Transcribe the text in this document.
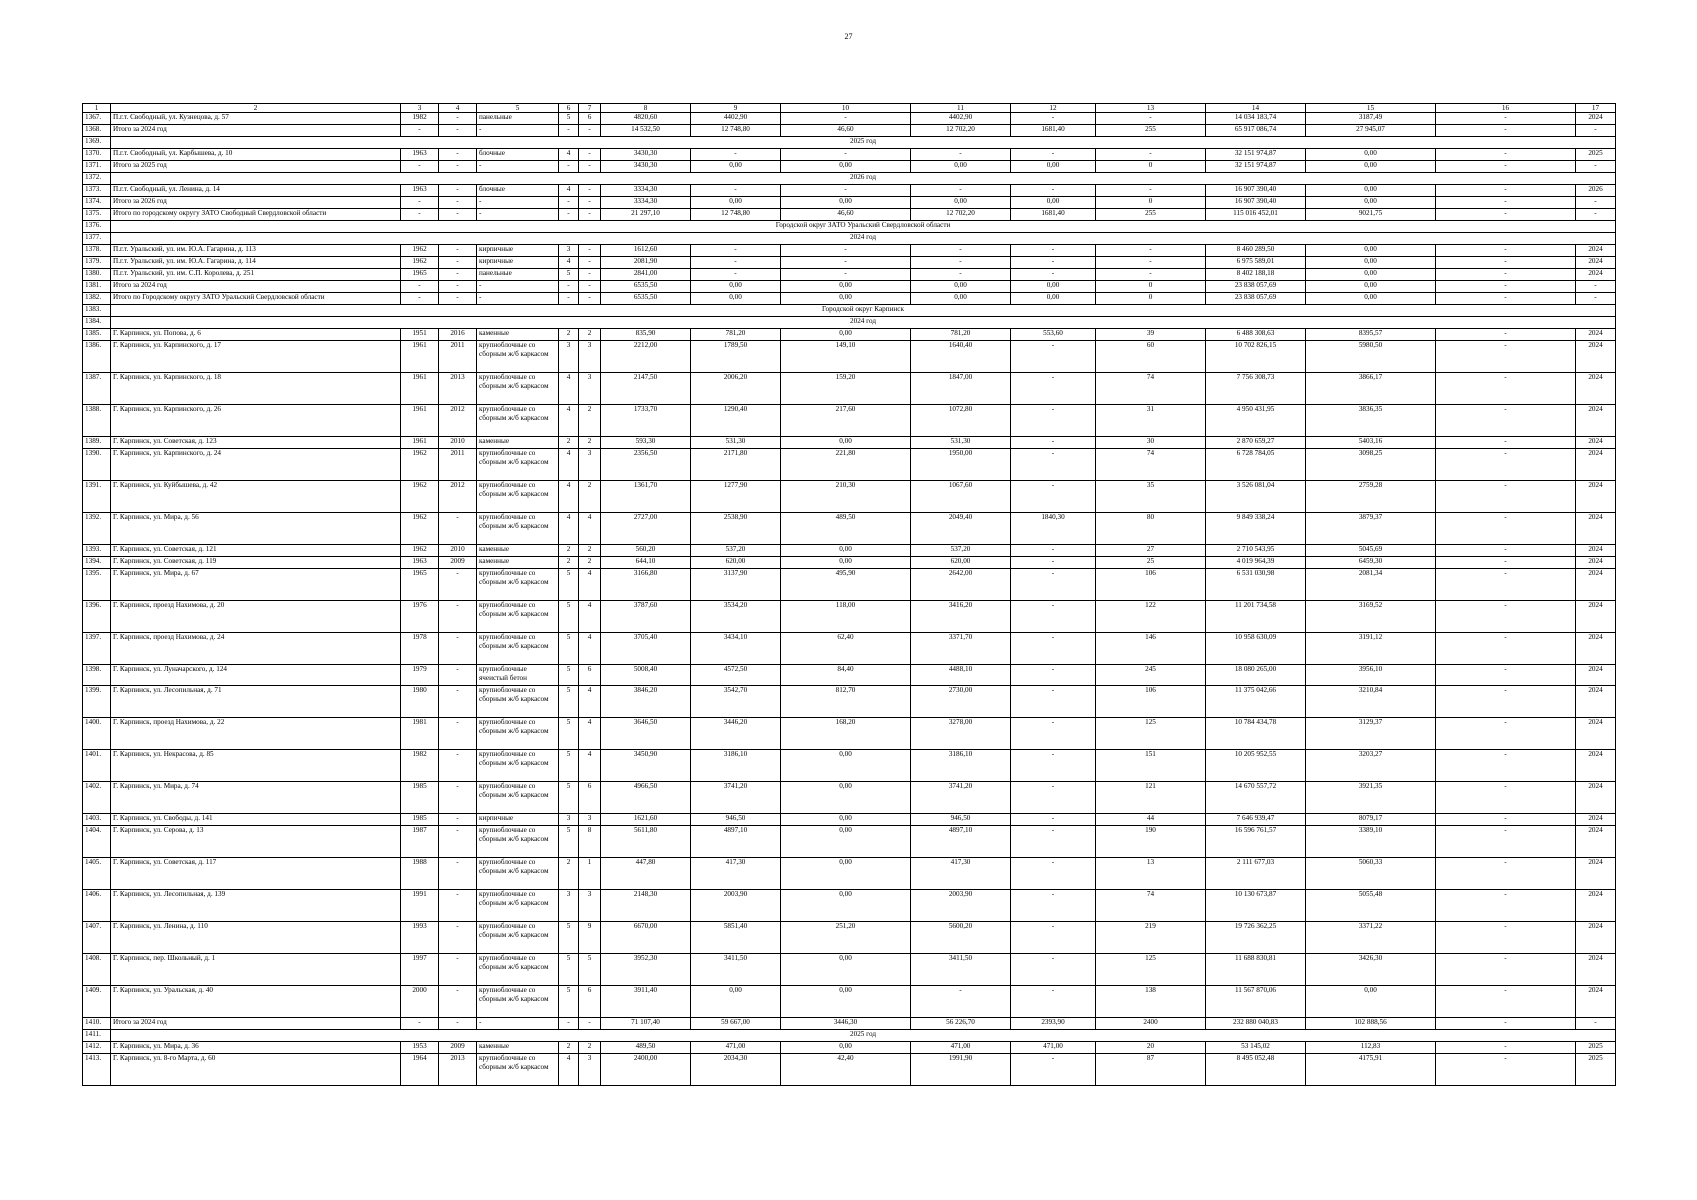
27
1	2	3	4	5	6	7	8	9	10	11	12	13	14	15	16	17
1367.	П.г.т. Свободный, ул. Кузнецова, д. 57	1982	-	панельные	5	6	4820,60	4402,90	-	4402,90	-	-	14 034 183,74	3187,49	-	2024
1368.	Итого за 2024 год	-	-	-	-	-	14 532,50	12 748,80	46,60	12 702,20	1681,40	255	65 917 086,74	27 945,07	-	-
1369.	2025 год															
1370.	П.г.т. Свободный, ул. Карбышева, д. 10	1963	-	блочные	4	-	3430,30	-	-	-	-	-	32 151 974,87	0,00	-	2025
1371.	Итого за 2025 год	-	-	-	-	-	3430,30	0,00	0,00	0,00	0,00	0	32 151 974,87	0,00	-	-
1372.	2026 год															
1373.	П.г.т. Свободный, ул. Ленина, д. 14	1963	-	блочные	4	-	3334,30	-	-	-	-	-	16 907 390,40	0,00	-	2026
1374.	Итого за 2026 год	-	-	-	-	-	3334,30	0,00	0,00	0,00	0,00	0	16 907 390,40	0,00	-	-
1375.	Итого по городскому округу ЗАТО Свободный Свердловской области	-	-	-	-	-	21 297,10	12 748,80	46,60	12 702,20	1681,40	255	115 016 452,01	9021,75	-	-
1376.	Городской округ ЗАТО Уральский Свердловской области															
1377.	2024 год															
1378.	П.г.т. Уральский, ул. им. Ю.А. Гагарина, д. 113	1962	-	кирпичные	3	-	1612,60	-	-	-	-	-	8 460 289,50	0,00	-	2024
1379.	П.г.т. Уральский, ул. им. Ю.А. Гагарина, д. 114	1962	-	кирпичные	4	-	2081,90	-	-	-	-	-	6 975 589,01	0,00	-	2024
1380.	П.г.т. Уральский, ул. им. С.П. Королева, д. 251	1965	-	панельные	5	-	2841,00	-	-	-	-	-	8 402 188,18	0,00	-	2024
1381.	Итого за 2024 год	-	-	-	-	-	6535,50	0,00	0,00	0,00	0,00	0	23 838 057,69	0,00	-	-
1382.	Итого по Городскому округу ЗАТО Уральский Свердловской области	-	-	-	-	-	6535,50	0,00	0,00	0,00	0,00	0	23 838 057,69	0,00	-	-
1383.	Городской округ Карпинск															
1384.	2024 год															
1385.	Г. Карпинск, ул. Попова, д. 6	1951	2016	каменные	2	2	835,90	781,20	0,00	781,20	553,60	39	6 488 308,63	8395,57	-	2024
1386.	Г. Карпинск, ул. Карпинского, д. 17	1961	2011	крупноблочные со сборным ж/б каркасом	3	3	2212,00	1789,50	149,10	1640,40	-	60	10 702 826,15	5980,50	-	2024
1387.	Г. Карпинск, ул. Карпинского, д. 18	1961	2013	крупноблочные со сборным ж/б каркасом	4	3	2147,50	2006,20	159,20	1847,00	-	74	7 756 308,73	3866,17	-	2024
1388.	Г. Карпинск, ул. Карпинского, д. 26	1961	2012	крупноблочные со сборным ж/б каркасом	4	2	1733,70	1290,40	217,60	1072,80	-	31	4 950 431,95	3836,35	-	2024
1389.	Г. Карпинск, ул. Советская, д. 123	1961	2010	каменные	2	2	593,30	531,30	0,00	531,30	-	30	2 870 659,27	5403,16	-	2024
1390.	Г. Карпинск, ул. Карпинского, д. 24	1962	2011	крупноблочные со сборным ж/б каркасом	4	3	2356,50	2171,80	221,80	1950,00	-	74	6 728 784,05	3098,25	-	2024
1391.	Г. Карпинск, ул. Куйбышева, д. 42	1962	2012	крупноблочные со сборным ж/б каркасом	4	2	1361,70	1277,90	210,30	1067,60	-	35	3 526 081,04	2759,28	-	2024
1392.	Г. Карпинск, ул. Мира, д. 56	1962	-	крупноблочные со сборным ж/б каркасом	4	4	2727,00	2538,90	489,50	2049,40	1840,30	80	9 849 338,24	3879,37	-	2024
1393.	Г. Карпинск, ул. Советская, д. 121	1962	2010	каменные	2	2	560,20	537,20	0,00	537,20	-	27	2 710 543,95	5045,69	-	2024
1394.	Г. Карпинск, ул. Советская, д. 119	1963	2009	каменные	2	2	644,10	620,00	0,00	620,00	-	25	4 019 964,39	6459,30	-	2024
1395.	Г. Карпинск, ул. Мира, д. 67	1965	-	крупноблочные со сборным ж/б каркасом	5	4	3166,80	3137,90	495,90	2642,00	-	106	6 531 030,98	2081,34	-	2024
1396.	Г. Карпинск, проезд Нахимова, д. 20	1976	-	крупноблочные со сборным ж/б каркасом	5	4	3787,60	3534,20	118,00	3416,20	-	122	11 201 734,58	3169,52	-	2024
1397.	Г. Карпинск, проезд Нахимова, д. 24	1978	-	крупноблочные со сборным ж/б каркасом	5	4	3705,40	3434,10	62,40	3371,70	-	146	10 958 630,09	3191,12	-	2024
1398.	Г. Карпинск, ул. Луначарского, д. 124	1979	-	крупноблочные ячеистый бетон	5	6	5008,40	4572,50	84,40	4488,10	-	245	18 080 265,00	3956,10	-	2024
1399.	Г. Карпинск, ул. Лесопильная, д. 71	1980	-	крупноблочные со сборным ж/б каркасом	5	4	3846,20	3542,70	812,70	2730,00	-	106	11 375 042,66	3210,84	-	2024
1400.	Г. Карпинск, проезд Нахимова, д. 22	1981	-	крупноблочные со сборным ж/б каркасом	5	4	3646,50	3446,20	168,20	3278,00	-	125	10 784 434,78	3129,37	-	2024
1401.	Г. Карпинск, ул. Некрасова, д. 85	1982	-	крупноблочные со сборным ж/б каркасом	5	4	3450,90	3186,10	0,00	3186,10	-	151	10 205 952,55	3203,27	-	2024
1402.	Г. Карпинск, ул. Мира, д. 74	1985	-	крупноблочные со сборным ж/б каркасом	5	6	4966,50	3741,20	0,00	3741,20	-	121	14 670 557,72	3921,35	-	2024
1403.	Г. Карпинск, ул. Свободы, д. 141	1985	-	кирпичные	3	3	1621,60	946,50	0,00	946,50	-	44	7 646 939,47	8079,17	-	2024
1404.	Г. Карпинск, ул. Серова, д. 13	1987	-	крупноблочные со сборным ж/б каркасом	5	8	5611,80	4897,10	0,00	4897,10	-	190	16 596 761,57	3389,10	-	2024
1405.	Г. Карпинск, ул. Советская, д. 117	1988	-	крупноблочные со сборным ж/б каркасом	2	1	447,80	417,30	0,00	417,30	-	13	2 111 677,03	5060,33	-	2024
1406.	Г. Карпинск, ул. Лесопильная, д. 139	1991	-	крупноблочные со сборным ж/б каркасом	3	3	2148,30	2003,90	0,00	2003,90	-	74	10 130 673,87	5055,48	-	2024
1407.	Г. Карпинск, ул. Ленина, д. 110	1993	-	крупноблочные со сборным ж/б каркасом	5	9	6670,00	5851,40	251,20	5600,20	-	219	19 726 362,25	3371,22	-	2024
1408.	Г. Карпинск, пер. Школьный, д. 1	1997	-	крупноблочные со сборным ж/б каркасом	5	5	3952,30	3411,50	0,00	3411,50	-	125	11 688 830,81	3426,30	-	2024
1409.	Г. Карпинск, ул. Уральская, д. 40	2000	-	крупноблочные со сборным ж/б каркасом	5	6	3911,40	0,00	0,00	-	-	138	11 567 870,06	0,00	-	2024
1410.	Итого за 2024 год	-	-	-	-	-	71 107,40	59 667,00	3446,30	56 226,70	2393,90	2400	232 880 040,83	102 888,56	-	-
1411.	2025 год															
1412.	Г. Карпинск, ул. Мира, д. 36	1953	2009	каменные	2	2	489,50	471,00	0,00	471,00	471,00	20	53 145,02	112,83	-	2025
1413.	Г. Карпинск, ул. 8-го Марта, д. 60	1964	2013	крупноблочные со сборным ж/б каркасом	4	3	2400,00	2034,30	42,40	1991,90	-	87	8 495 052,48	4175,91	-	2025
